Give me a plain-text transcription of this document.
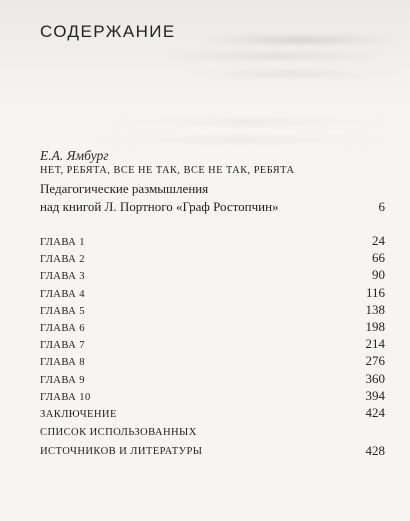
СОДЕРЖАНИЕ
Е.А. Ямбург
НЕТ, РЕБЯТА, ВСЕ НЕ ТАК, ВСЕ НЕ ТАК, РЕБЯТА
Педагогические размышления
над книгой Л. Портного «Граф Ростопчин»	6
ГЛАВА 1	24
ГЛАВА 2	66
ГЛАВА 3	90
ГЛАВА 4	116
ГЛАВА 5	138
ГЛАВА 6	198
ГЛАВА 7	214
ГЛАВА 8	276
ГЛАВА 9	360
ГЛАВА 10	394
ЗАКЛЮЧЕНИЕ	424
СПИСОК ИСПОЛЬЗОВАННЫХ
ИСТОЧНИКОВ И ЛИТЕРАТУРЫ	428
